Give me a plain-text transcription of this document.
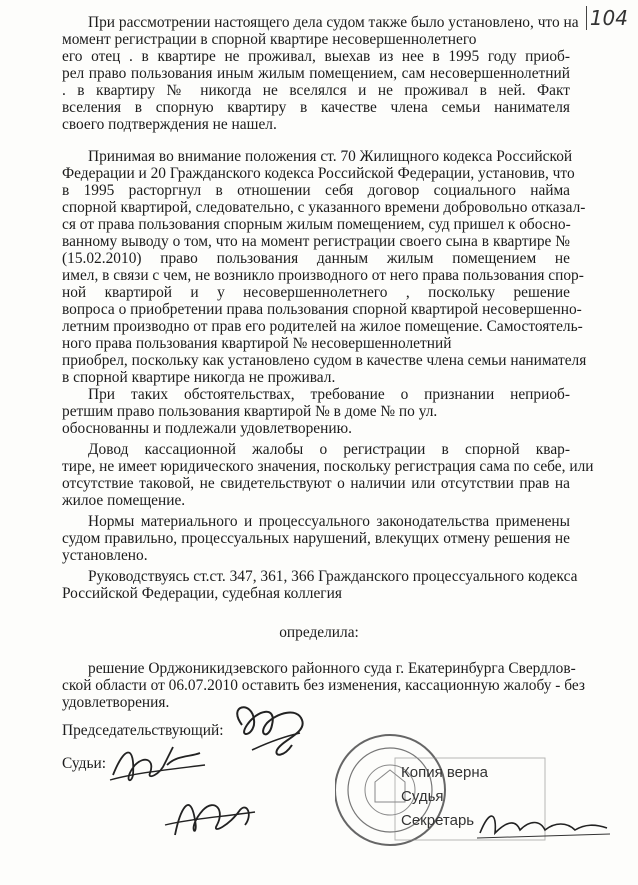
104
При рассмотрении настоящего дела судом также было установлено, что на
момент регистрации в спорной квартире несовершеннолетнего
его отец . в квартире не проживал, выехав из нее в 1995 году приоб-
рел право пользования иным жилым помещением, сам несовершеннолетний
. в квартиру № никогда не вселялся и не проживал в ней. Факт
вселения в спорную квартиру в качестве члена семьи нанимателя
своего подтверждения не нашел.
Принимая во внимание положения ст. 70 Жилищного кодекса Российской
Федерации и 20 Гражданского кодекса Российской Федерации, установив, что
в 1995 расторгнул в отношении себя договор социального найма
спорной квартирой, следовательно, с указанного времени добровольно отказал-
ся от права пользования спорным жилым помещением, суд пришел к обосно-
ванному выводу о том, что на момент регистрации своего сына в квартире №
(15.02.2010) право пользования данным жилым помещением не
имел, в связи с чем, не возникло производного от него права пользования спор-
ной квартирой и у несовершеннолетнего , поскольку решение
вопроса о приобретении права пользования спорной квартирой несовершенно-
летним производно от прав его родителей на жилое помещение. Самостоятель-
ного права пользования квартирой № несовершеннолетний
приобрел, поскольку как установлено судом в качестве члена семьи нанимателя
в спорной квартире никогда не проживал.
При таких обстоятельствах, требование о признании неприоб-
ретшим право пользования квартирой № в доме № по ул.
обоснованны и подлежали удовлетворению.
Довод кассационной жалобы о регистрации в спорной квар-
тире, не имеет юридического значения, поскольку регистрация сама по себе, или
отсутствие таковой, не свидетельствуют о наличии или отсутствии прав на
жилое помещение.
Нормы материального и процессуального законодательства применены
судом правильно, процессуальных нарушений, влекущих отмену решения не
установлено.
Руководствуясь ст.ст. 347, 361, 366 Гражданского процессуального кодекса
Российской Федерации, судебная коллегия
определила:
решение Орджоникидзевского районного суда г. Екатеринбурга Свердлов-
ской области от 06.07.2010 оставить без изменения, кассационную жалобу - без
удовлетворения.
Председательствующий:
Судьи:
Копия верна
Судья
Секретарь
